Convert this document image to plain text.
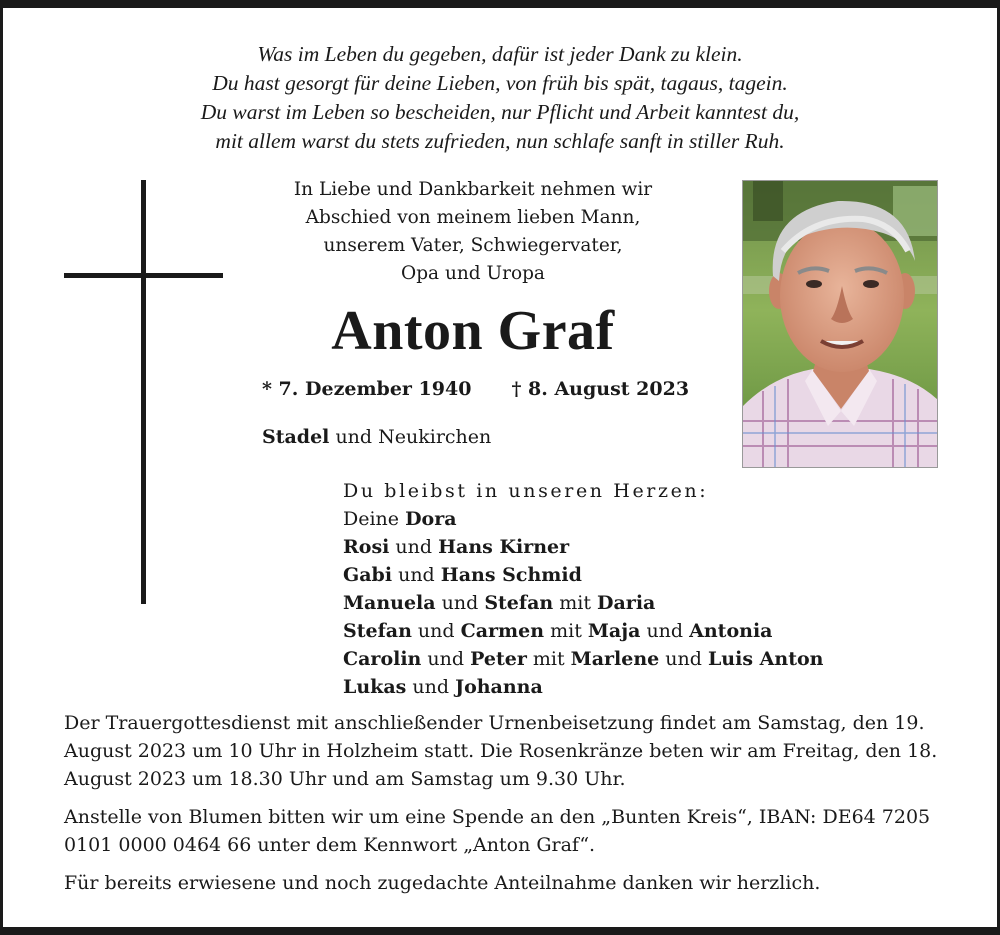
Was im Leben du gegeben, dafür ist jeder Dank zu klein.
Du hast gesorgt für deine Lieben, von früh bis spät, tagaus, tagein.
Du warst im Leben so bescheiden, nur Pflicht und Arbeit kanntest du,
mit allem warst du stets zufrieden, nun schlafe sanft in stiller Ruh.
In Liebe und Dankbarkeit nehmen wir
Abschied von meinem lieben Mann,
unserem Vater, Schwiegervater,
Opa und Uropa
Anton Graf
* 7. Dezember 1940 † 8. August 2023
Stadel und Neukirchen
Du bleibst in unseren Herzen:
Deine Dora
Rosi und Hans Kirner
Gabi und Hans Schmid
Manuela und Stefan mit Daria
Stefan und Carmen mit Maja und Antonia
Carolin und Peter mit Marlene und Luis Anton
Lukas und Johanna

Der Trauergottesdienst mit anschließender Urnenbeisetzung findet am Samstag, den 19. August 2023 um 10 Uhr in Holzheim statt. Die Rosenkränze beten wir am Freitag, den 18. August 2023 um 18.30 Uhr und am Samstag um 9.30 Uhr.

Anstelle von Blumen bitten wir um eine Spende an den „Bunten Kreis“, IBAN: DE64 7205 0101 0000 0464 66 unter dem Kennwort „Anton Graf“.

Für bereits erwiesene und noch zugedachte Anteilnahme danken wir herzlich.
